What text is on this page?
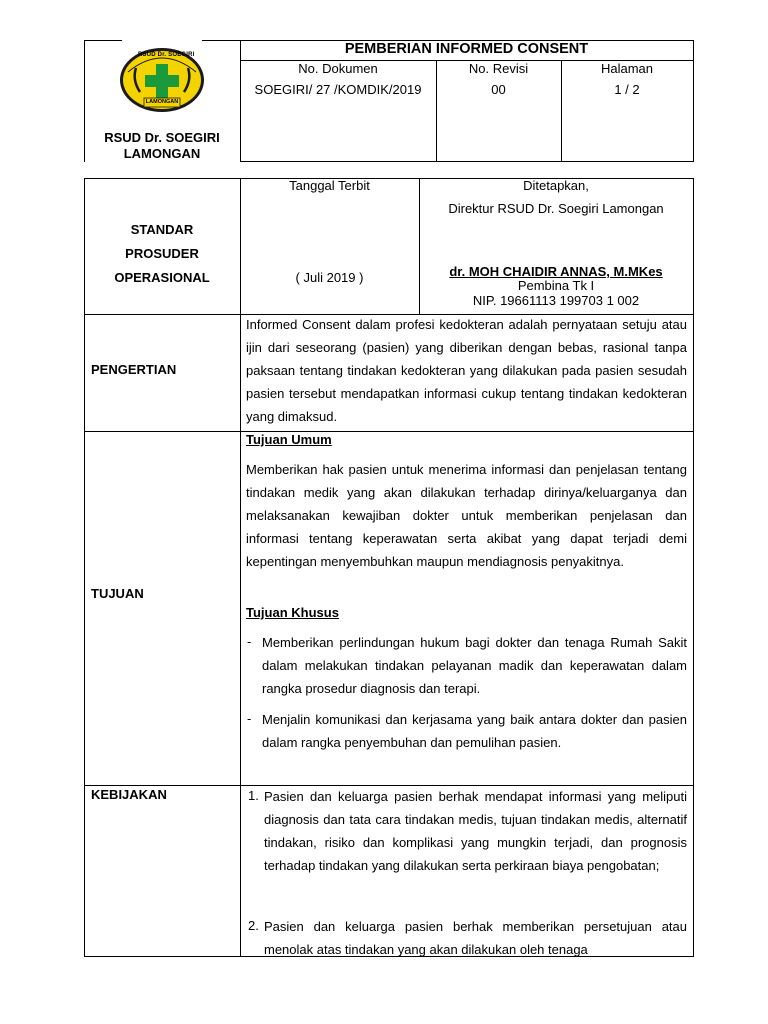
RSUD Dr. SOEGIRI
LAMONGAN
RSUD Dr. SOEGIRI
LAMONGAN
PEMBERIAN INFORMED CONSENT
No. Dokumen
SOEGIRI/ 27 /KOMDIK/2019
No. Revisi
00
Halaman
1 / 2
STANDAR
PROSUDER
OPERASIONAL
Tanggal Terbit
( Juli 2019 )
Ditetapkan,
Direktur RSUD Dr. Soegiri Lamongan
dr. MOH CHAIDIR ANNAS, M.MKes
Pembina Tk I
NIP. 19661113 199703 1 002
PENGERTIAN
Informed Consent dalam profesi kedokteran adalah pernyataan setuju atau ijin dari seseorang (pasien) yang diberikan dengan bebas, rasional tanpa paksaan tentang tindakan kedokteran yang dilakukan pada pasien sesudah pasien tersebut mendapatkan informasi cukup tentang tindakan kedokteran yang dimaksud.
TUJUAN
Tujuan Umum
Memberikan hak pasien untuk menerima informasi dan penjelasan tentang tindakan medik yang akan dilakukan terhadap dirinya/keluarganya dan melaksanakan kewajiban dokter untuk memberikan penjelasan dan informasi tentang keperawatan serta akibat yang dapat terjadi demi kepentingan menyembuhkan maupun mendiagnosis penyakitnya.
Tujuan Khusus
- Memberikan perlindungan hukum bagi dokter dan tenaga Rumah Sakit dalam melakukan tindakan pelayanan madik dan keperawatan dalam rangka prosedur diagnosis dan terapi.
- Menjalin komunikasi dan kerjasama yang baik antara dokter dan pasien dalam rangka penyembuhan dan pemulihan pasien.
KEBIJAKAN	1. Pasien dan keluarga pasien berhak mendapat informasi yang meliputi diagnosis dan tata cara tindakan medis, tujuan tindakan medis, alternatif tindakan, risiko dan komplikasi yang mungkin terjadi, dan prognosis terhadap tindakan yang dilakukan serta perkiraan biaya pengobatan;
2. Pasien dan keluarga pasien berhak memberikan persetujuan atau menolak atas tindakan yang akan dilakukan oleh tenaga
